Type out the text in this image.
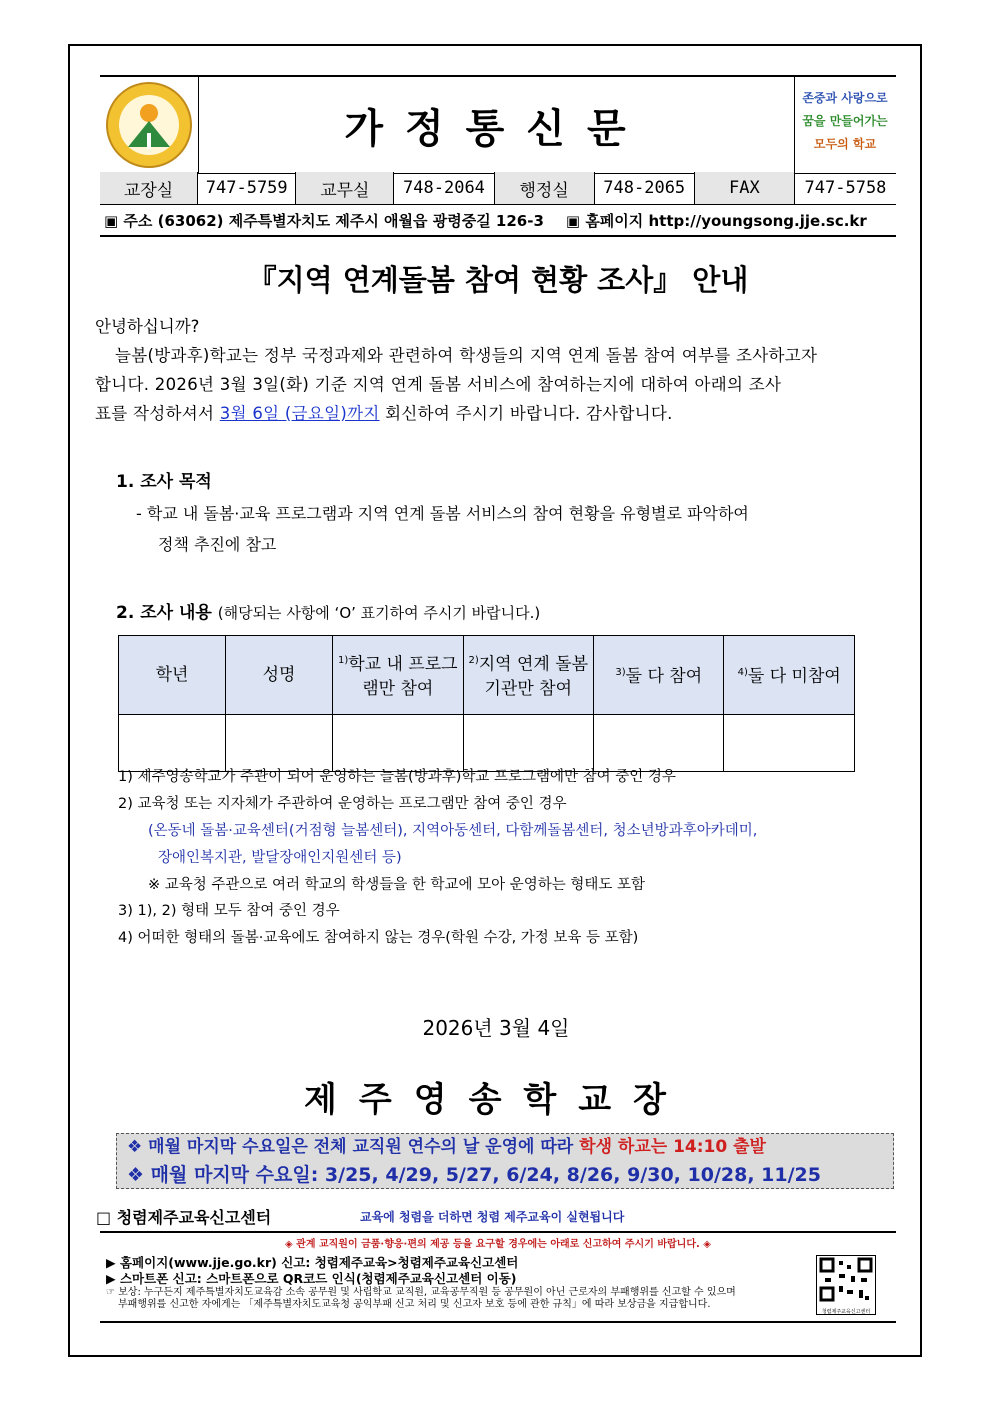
가정통신문
존중과 사랑으로
꿈을 만들어가는
모두의 학교
교장실	747-5759	교무실	748-2064	행정실	748-2065	FAX	747-5758
▣ 주소 (63062) 제주특별자치도 제주시 애월읍 광령중길 126-3 ▣ 홈페이지 http://youngsong.jje.sc.kr
『지역 연계돌봄 참여 현황 조사』 안내
안녕하십니까?
늘봄(방과후)학교는 정부 국정과제와 관련하여 학생들의 지역 연계 돌봄 참여 여부를 조사하고자
합니다. 2026년 3월 3일(화) 기준 지역 연계 돌봄 서비스에 참여하는지에 대하여 아래의 조사
표를 작성하셔서 3월 6일 (금요일)까지 회신하여 주시기 바랍니다. 감사합니다.
1. 조사 목적
- 학교 내 돌봄·교육 프로그램과 지역 연계 돌봄 서비스의 참여 현황을 유형별로 파악하여
정책 추진에 참고
2. 조사 내용 (해당되는 사항에 ‘O’ 표기하여 주시기 바랍니다.)
학년	성명	$^{1)}$학교 내 프로그램만 참여	$^{2)}$지역 연계 돌봄기관만 참여	$^{3)}$둘 다 참여	$^{4)}$둘 다 미참여

1) 제주영송학교가 주관이 되어 운영하는 늘봄(방과후)학교 프로그램에만 참여 중인 경우
2) 교육청 또는 지자체가 주관하여 운영하는 프로그램만 참여 중인 경우
(온동네 돌봄·교육센터(거점형 늘봄센터), 지역아동센터, 다함께돌봄센터, 청소년방과후아카데미,
장애인복지관, 발달장애인지원센터 등)
※ 교육청 주관으로 여러 학교의 학생들을 한 학교에 모아 운영하는 형태도 포함
3) 1), 2) 형태 모두 참여 중인 경우
4) 어떠한 형태의 돌봄·교육에도 참여하지 않는 경우(학원 수강, 가정 보육 등 포함)
2026년 3월 4일
제주영송학교장
❖ 매월 마지막 수요일은 전체 교직원 연수의 날 운영에 따라 학생 하교는 14:10 출발
❖ 매월 마지막 수요일: 3/25, 4/29, 5/27, 6/24, 8/26, 9/30, 10/28, 11/25
□ 청렴제주교육신고센터	교육에 청렴을 더하면 청렴 제주교육이 실현됩니다
◈ 관계 교직원이 금품·향응·편의 제공 등을 요구할 경우에는 아래로 신고하여 주시기 바랍니다. ◈
▶ 홈페이지(www.jje.go.kr) 신고: 청렴제주교육>청렴제주교육신고센터
▶ 스마트폰 신고: 스마트폰으로 QR코드 인식(청렴제주교육신고센터 이동)
☞ 보상: 누구든지 제주특별자치도교육감 소속 공무원 및 사립학교 교직원, 교육공무직원 등 공무원이 아닌 근로자의 부패행위를 신고할 수 있으며
부패행위를 신고한 자에게는 「제주특별자치도교육청 공익부패 신고 처리 및 신고자 보호 등에 관한 규칙」에 따라 보상금을 지급합니다.
청렴제주교육신고센터
